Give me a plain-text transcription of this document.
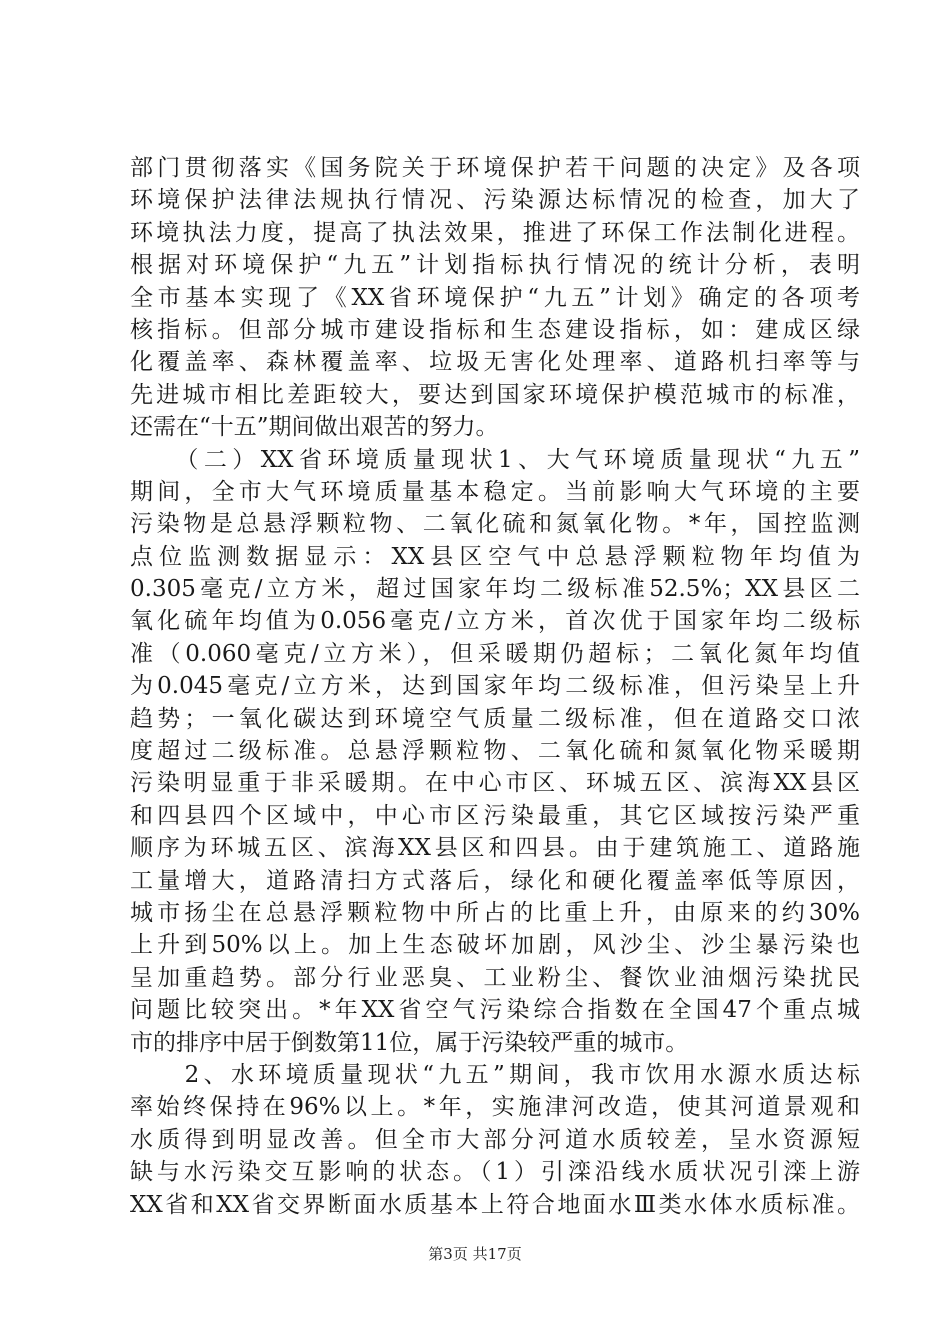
部门贯彻落实《国务院关于环境保护若干问题的决定》及各项
环境保护法律法规执行情况、污染源达标情况的检查，加大了
环境执法力度，提高了执法效果，推进了环保工作法制化进程。
根据对环境保护“九五”计划指标执行情况的统计分析，表明
全市基本实现了《XX省环境保护“九五”计划》确定的各项考
核指标。但部分城市建设指标和生态建设指标，如：建成区绿
化覆盖率、森林覆盖率、垃圾无害化处理率、道路机扫率等与
先进城市相比差距较大，要达到国家环境保护模范城市的标准，
还需在“十五”期间做出艰苦的努力。
　　（二）XX省环境质量现状1、大气环境质量现状“九五”
期间，全市大气环境质量基本稳定。当前影响大气环境的主要
污染物是总悬浮颗粒物、二氧化硫和氮氧化物。*年，国控监测
点位监测数据显示：XX县区空气中总悬浮颗粒物年均值为
0.305毫克/立方米，超过国家年均二级标准52.5%；XX县区二
氧化硫年均值为0.056毫克/立方米，首次优于国家年均二级标
准（0.060毫克/立方米），但采暖期仍超标；二氧化氮年均值
为0.045毫克/立方米，达到国家年均二级标准，但污染呈上升
趋势；一氧化碳达到环境空气质量二级标准，但在道路交口浓
度超过二级标准。总悬浮颗粒物、二氧化硫和氮氧化物采暖期
污染明显重于非采暖期。在中心市区、环城五区、滨海XX县区
和四县四个区域中，中心市区污染最重，其它区域按污染严重
顺序为环城五区、滨海XX县区和四县。由于建筑施工、道路施
工量增大，道路清扫方式落后，绿化和硬化覆盖率低等原因，
城市扬尘在总悬浮颗粒物中所占的比重上升，由原来的约30%
上升到50%以上。加上生态破坏加剧，风沙尘、沙尘暴污染也
呈加重趋势。部分行业恶臭、工业粉尘、餐饮业油烟污染扰民
问题比较突出。*年XX省空气污染综合指数在全国47个重点城
市的排序中居于倒数第11位，属于污染较严重的城市。
　　2、水环境质量现状“九五”期间，我市饮用水源水质达标
率始终保持在96%以上。*年，实施津河改造，使其河道景观和
水质得到明显改善。但全市大部分河道水质较差，呈水资源短
缺与水污染交互影响的状态。（1）引滦沿线水质状况引滦上游
XX省和XX省交界断面水质基本上符合地面水Ⅲ类水体水质标准。
第3页 共17页
